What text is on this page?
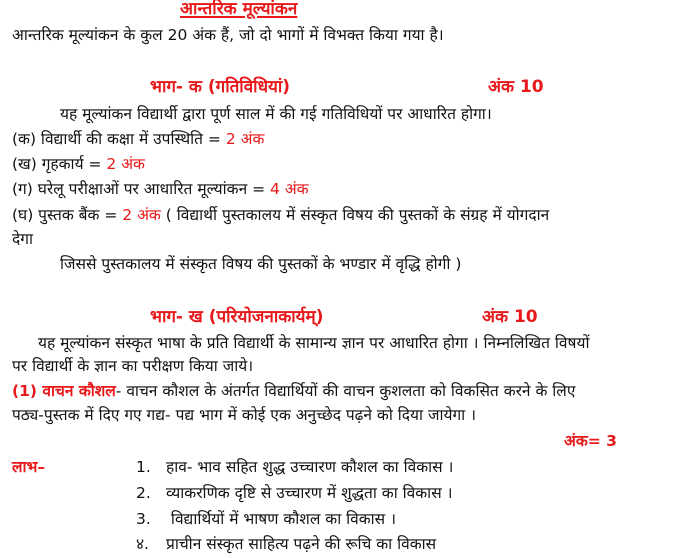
आन्तरिक मूल्यांकन
आन्तरिक मूल्यांकन के कुल 20 अंक हैं, जो दो भागों में विभक्त किया गया है।
भाग- क (गतिविधियां)	अंक 10
यह मूल्यांकन विद्यार्थी द्वारा पूर्ण साल में की गई गतिविधियों पर आधारित होगा।
(क) विद्यार्थी की कक्षा में उपस्थिति = 2 अंक
(ख) गृहकार्य = 2 अंक
(ग) घरेलू परीक्षाओं पर आधारित मूल्यांकन = 4 अंक
(घ) पुस्तक बैंक = 2 अंक ( विद्यार्थी पुस्तकालय में संस्कृत विषय की पुस्तकों के संग्रह में योगदान
देगा
जिससे पुस्तकालय में संस्कृत विषय की पुस्तकों के भण्डार में वृद्धि होगी )
भाग- ख (परियोजनाकार्यम्)	अंक 10
यह मूल्यांकन संस्कृत भाषा के प्रति विद्यार्थी के सामान्य ज्ञान पर आधारित होगा । निम्नलिखित विषयों
पर विद्यार्थी के ज्ञान का परीक्षण किया जाये।
(1) वाचन कौशल- वाचन कौशल के अंतर्गत विद्यार्थियों की वाचन कुशलता को विकसित करने के लिए
पठ्य-पुस्तक में दिए गए गद्य- पद्य भाग में कोई एक अनुच्छेद पढ़ने को दिया जायेगा ।
अंक= 3
लाभ–	1. हाव- भाव सहित शुद्ध उच्चारण कौशल का विकास ।
2. व्याकरणिक दृष्टि से उच्चारण में शुद्धता का विकास ।
3. विद्यार्थियों में भाषण कौशल का विकास ।
४. प्राचीन संस्कृत साहित्य पढ़ने की रूचि का विकास
